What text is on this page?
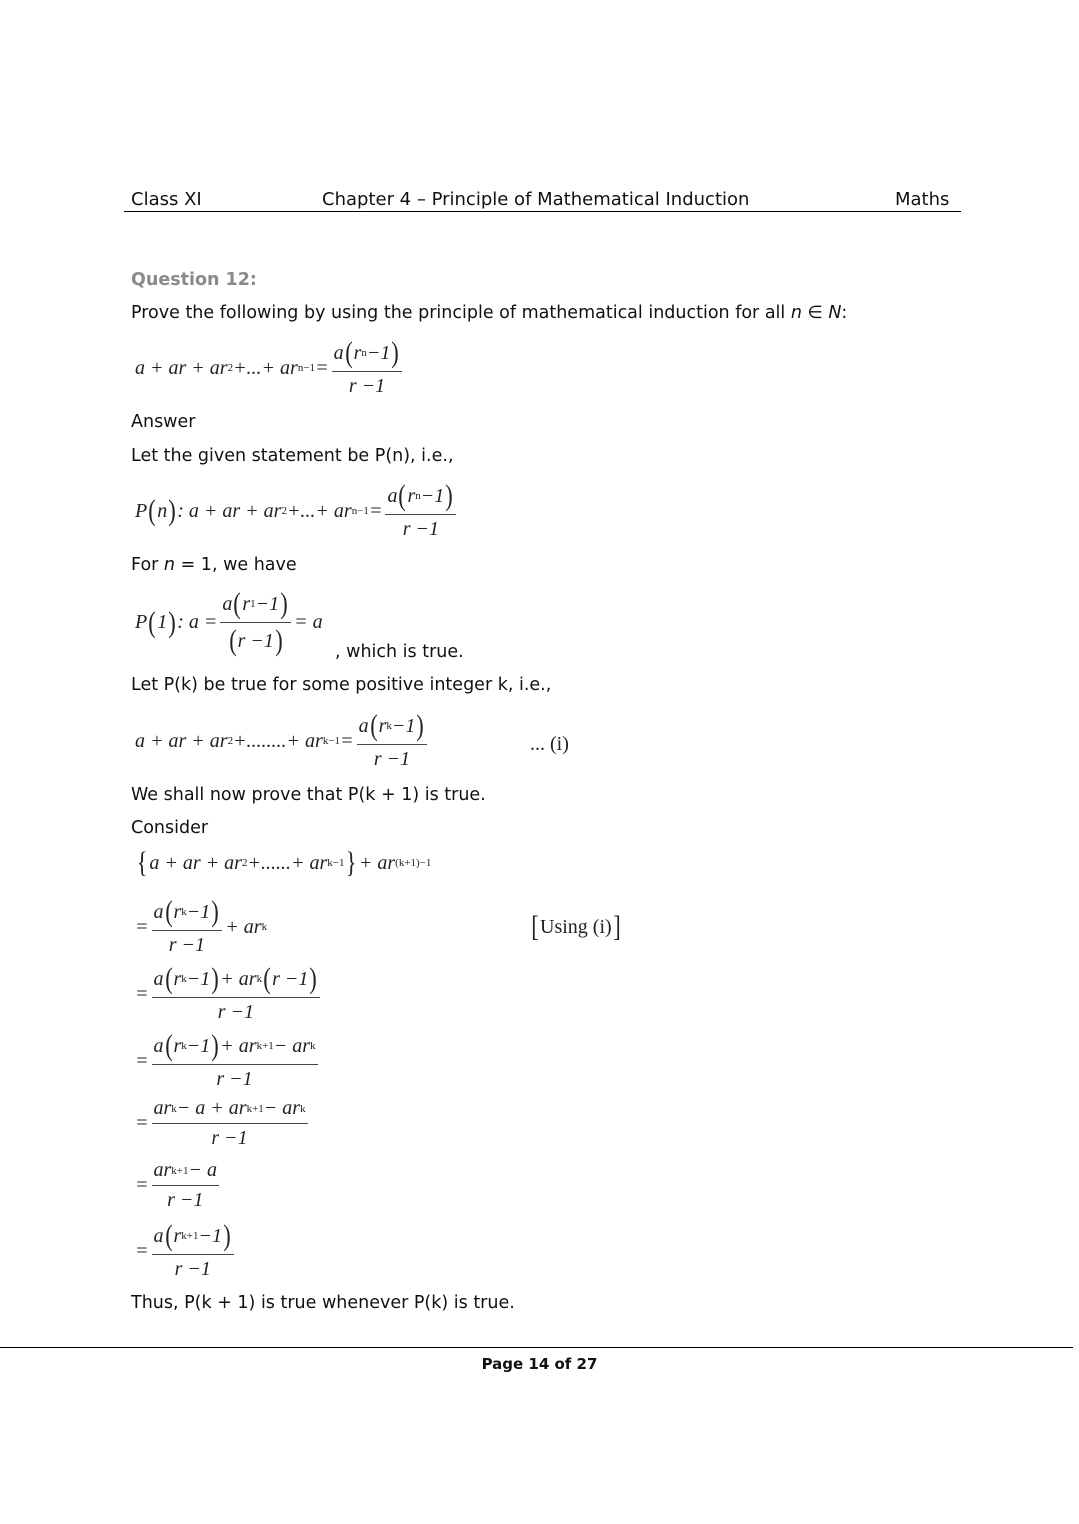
Class XI	Chapter 4 – Principle of Mathematical Induction	Maths
Question 12:
Prove the following by using the principle of mathematical induction for all n ∈ N:
a + ar + ar 2 +...+ ar $n-1 = \frac{\text{a ( r n −1 )}}{r -1}$
Answer
Let the given statement be P(n), i.e.,
P ( n ) : a + ar + ar 2 +...+ ar $n-1 = \frac{\text{a ( r n −1 )}}{r -1}$
For n = 1, we have
P ( 1 ) : $a = \frac{a ( r 1 -1 )}{( r -1 )} = a$
, which is true.
Let P(k) be true for some positive integer k, i.e.,
a + ar + ar 2 +........+ ar $k-1 = \frac{\text{a ( r k −1 )}}{r -1}$	... (i)
We shall now prove that P(k + 1) is true.
Consider
{ a + ar + ar 2 +......+ ar k−1 } + ar (k+1)−1
= $\frac{\text{a ( r k −1 )}}{r -1}$ + ar k	[ Using (i) ]
= $\frac{\text{a ( r k −1 ) + ar k ( r −1 )}}{r -1}$
= $\frac{\text{a ( r k −1 ) + ar k+1 − ar k}}{r -1}$
= $\frac{\text{ar k − a + ar k+1 − ar k}}{r -1}$
= $\frac{\text{ar k+1 − a}}{r -1}$
= $\frac{\text{a ( r k+1 −1 )}}{r -1}$
Thus, P(k + 1) is true whenever P(k) is true.
Page 14 of 27
